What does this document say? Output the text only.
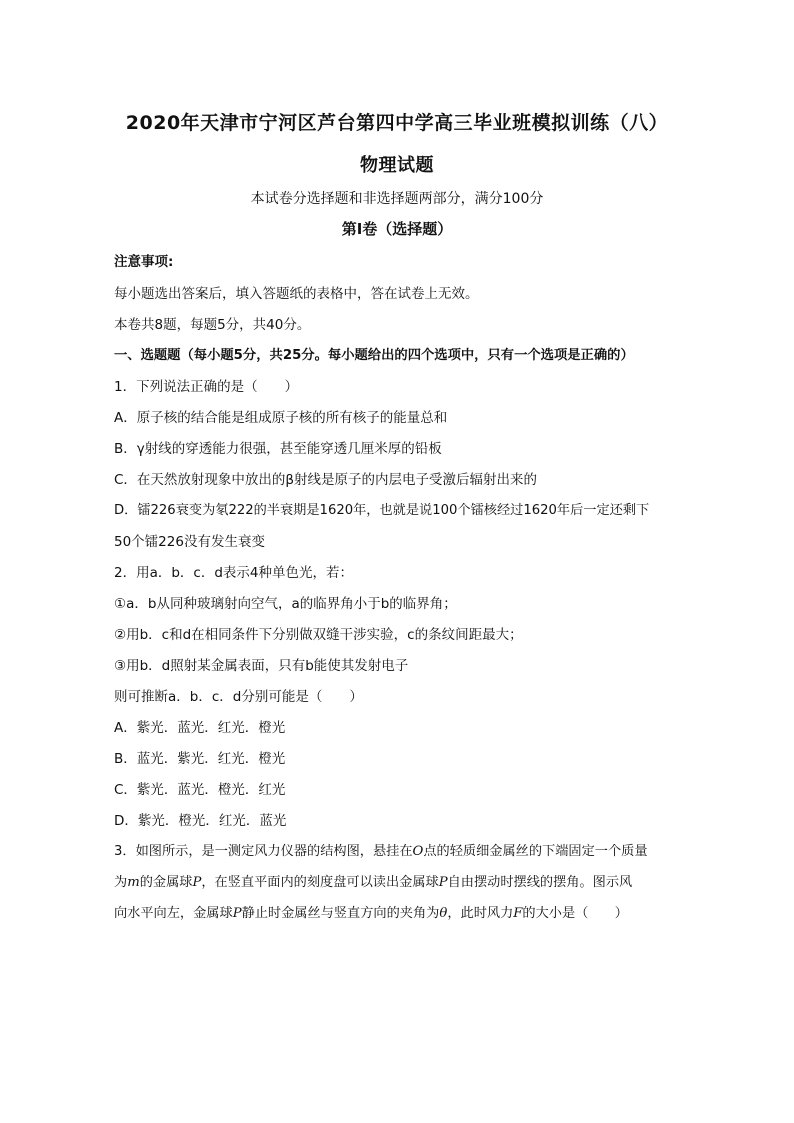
2020年天津市宁河区芦台第四中学高三毕业班模拟训练（八）
物理试题
本试卷分选择题和非选择题两部分，满分100分
第Ⅰ卷（选择题）
注意事项:
每小题选出答案后，填入答题纸的表格中，答在试卷上无效。
本卷共8题，每题5分，共40分。
一、选题题（每小题5分，共25分。每小题给出的四个选项中，只有一个选项是正确的）
1．下列说法正确的是（　　）
A．原子核的结合能是组成原子核的所有核子的能量总和
B．γ射线的穿透能力很强，甚至能穿透几厘米厚的铅板
C．在天然放射现象中放出的β射线是原子的内层电子受激后辐射出来的
D．镭226衰变为氡222的半衰期是1620年，也就是说100个镭核经过1620年后一定还剩下
50个镭226没有发生衰变
2．用a．b．c．d表示4种单色光，若：
①a．b从同种玻璃射向空气，a的临界角小于b的临界角；
②用b．c和d在相同条件下分别做双缝干涉实验，c的条纹间距最大；
③用b．d照射某金属表面，只有b能使其发射电子
则可推断a．b．c．d分别可能是（　　）
A．紫光．蓝光．红光．橙光
B．蓝光．紫光．红光．橙光
C．紫光．蓝光．橙光．红光
D．紫光．橙光．红光．蓝光
3．如图所示，是一测定风力仪器的结构图，悬挂在O点的轻质细金属丝的下端固定一个质量
为m的金属球P，在竖直平面内的刻度盘可以读出金属球P自由摆动时摆线的摆角。图示风
向水平向左，金属球P静止时金属丝与竖直方向的夹角为θ，此时风力F的大小是（　　）
